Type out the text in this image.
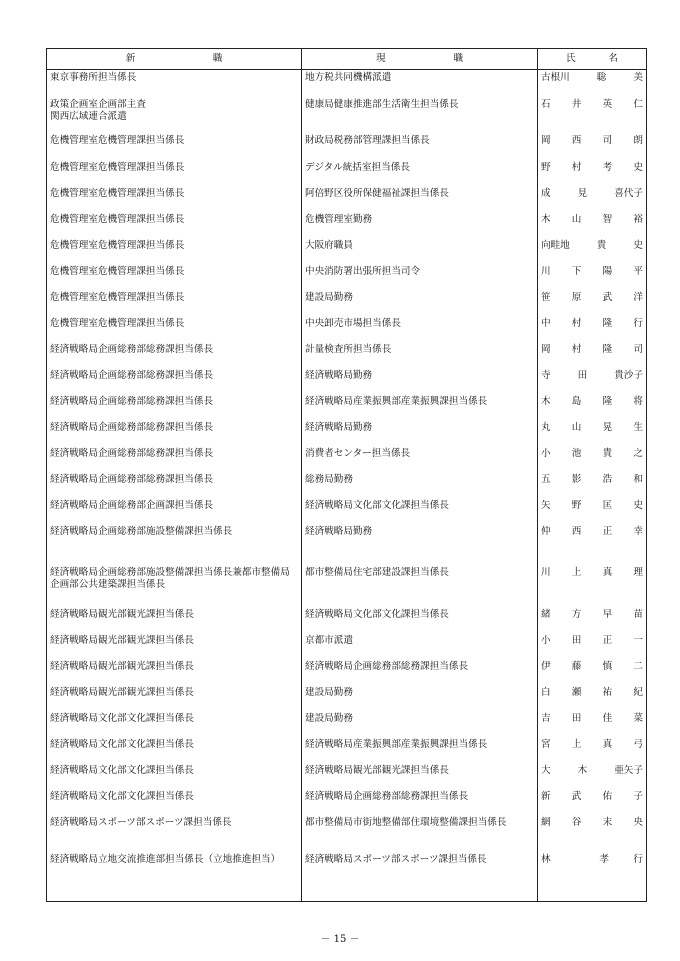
新 職	現 職	氏 名

東京事務所担当係長	地方税共同機構派遣	古根川 聡 美

政策企画室企画部主査
関西広域連合派遣	健康局健康推進部生活衛生担当係長	石 井 英 仁

危機管理室危機管理課担当係長	財政局税務部管理課担当係長	岡 西 司 朗

危機管理室危機管理課担当係長	デジタル統括室担当係長	野 村 考 史

危機管理室危機管理課担当係長	阿倍野区役所保健福祉課担当係長	成 見 喜代子

危機管理室危機管理課担当係長	危機管理室勤務	木 山 智 裕

危機管理室危機管理課担当係長	大阪府職員	向畦地 貴 史

危機管理室危機管理課担当係長	中央消防署出張所担当司令	川 下 陽 平

危機管理室危機管理課担当係長	建設局勤務	笹 原 武 洋

危機管理室危機管理課担当係長	中央卸売市場担当係長	中 村 隆 行

経済戦略局企画総務部総務課担当係長	計量検査所担当係長	岡 村 隆 司

経済戦略局企画総務部総務課担当係長	経済戦略局勤務	寺 田 貴沙子

経済戦略局企画総務部総務課担当係長	経済戦略局産業振興部産業振興課担当係長	木 島 隆 将

経済戦略局企画総務部総務課担当係長	経済戦略局勤務	丸 山 晃 生

経済戦略局企画総務部総務課担当係長	消費者センター担当係長	小 池 貴 之

経済戦略局企画総務部総務課担当係長	総務局勤務	五 影 浩 和

経済戦略局企画総務部企画課担当係長	経済戦略局文化部文化課担当係長	矢 野 匡 史

経済戦略局企画総務部施設整備課担当係長	経済戦略局勤務	仲 西 正 幸

経済戦略局企画総務部施設整備課担当係長兼都市整備局企画部公共建築課担当係長	都市整備局住宅部建設課担当係長	川 上 真 理

経済戦略局観光部観光課担当係長	経済戦略局文化部文化課担当係長	緒 方 早 苗

経済戦略局観光部観光課担当係長	京都市派遣	小 田 正 一

経済戦略局観光部観光課担当係長	経済戦略局企画総務部総務課担当係長	伊 藤 慎 二

経済戦略局観光部観光課担当係長	建設局勤務	白 瀬 祐 紀

経済戦略局文化部文化課担当係長	建設局勤務	吉 田 佳 菜

経済戦略局文化部文化課担当係長	経済戦略局産業振興部産業振興課担当係長	宮 上 真 弓

経済戦略局文化部文化課担当係長	経済戦略局観光部観光課担当係長	大 木 亜矢子

経済戦略局文化部文化課担当係長	経済戦略局企画総務部総務課担当係長	新 武 佑 子

経済戦略局スポーツ部スポーツ課担当係長	都市整備局市街地整備部住環境整備課担当係長	網 谷 末 央

経済戦略局立地交流推進部担当係長（立地推進担当）	経済戦略局スポーツ部スポーツ課担当係長	林 孝 行
－ 15 －
